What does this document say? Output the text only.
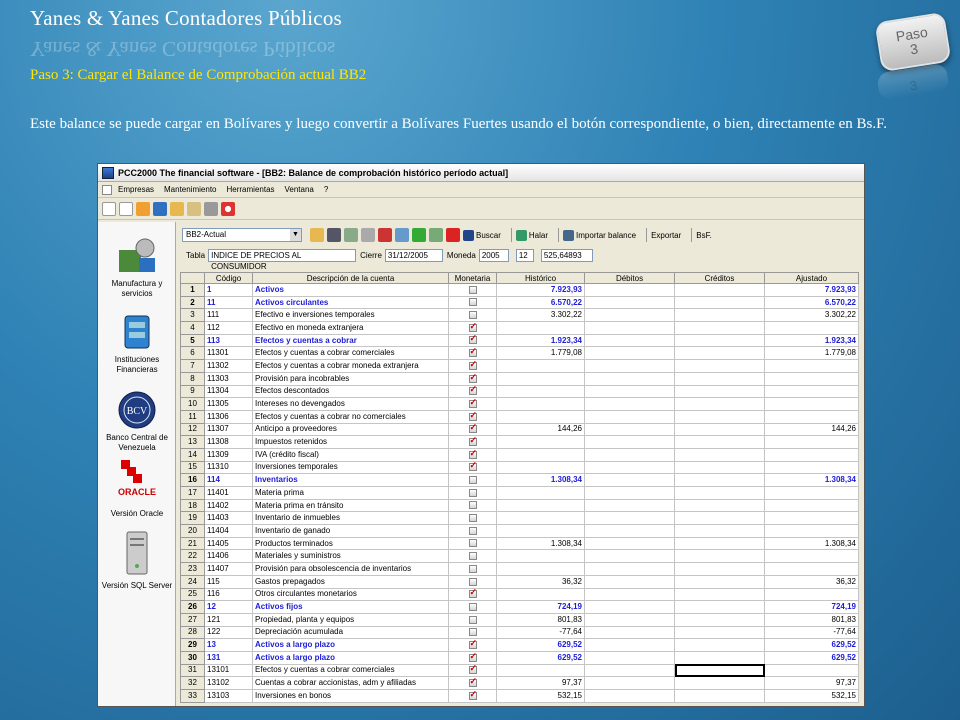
Yanes & Yanes Contadores Públicos
Yanes & Yanes Contadores Públicos
Paso
3
3
Paso 3: Cargar el Balance de Comprobación actual BB2
Este balance se puede cargar en Bolívares y luego convertir a Bolívares Fuertes usando el botón correspondiente, o bien, directamente en Bs.F.
PCC2000 The financial software - [BB2: Balance de comprobación histórico período actual]
Empresas Mantenimiento Herramientas Ventana ?
Manufactura y servicios
Instituciones Financieras
BCV
Banco Central de Venezuela
ORACLE
Versión Oracle
Versión SQL Server
BB2-Actual	▼	Buscar	Halar	Importar balance Exportar BsF.
Tabla INDICE DE PRECIOS AL CONSUMIDOR
Cierre 31/12/2005	Moneda 2005	12	525,64893
	Código	Descripción de la cuenta	Monetaria	Histórico	Débitos	Créditos	Ajustado
1	1	Activos		7.923,93			7.923,93
2	11	Activos circulantes		6.570,22			6.570,22
3	111	Efectivo e inversiones temporales		3.302,22			3.302,22
4	112	Efectivo en moneda extranjera	✓				
5	113	Efectos y cuentas a cobrar	✓	1.923,34			1.923,34
6	11301	Efectos y cuentas a cobrar comerciales	✓	1.779,08			1.779,08
7	11302	Efectos y cuentas a cobrar moneda extranjera	✓				
8	11303	Provisión para incobrables	✓				
9	11304	Efectos descontados	✓				
10	11305	Intereses no devengados	✓				
11	11306	Efectos y cuentas a cobrar no comerciales	✓				
12	11307	Anticipo a proveedores	✓	144,26			144,26
13	11308	Impuestos retenidos	✓				
14	11309	IVA (crédito fiscal)	✓				
15	11310	Inversiones temporales	✓				
16	114	Inventarios		1.308,34			1.308,34
17	11401	Materia prima					
18	11402	Materia prima en tránsito					
19	11403	Inventario de inmuebles					
20	11404	Inventario de ganado					
21	11405	Productos terminados		1.308,34			1.308,34
22	11406	Materiales y suministros					
23	11407	Provisión para obsolescencia de inventarios					
24	115	Gastos prepagados		36,32			36,32
25	116	Otros circulantes monetarios	✓				
26	12	Activos fijos		724,19			724,19
27	121	Propiedad, planta y equipos		801,83			801,83
28	122	Depreciación acumulada		-77,64			-77,64
29	13	Activos a largo plazo	✓	629,52			629,52
30	131	Activos a largo plazo	✓	629,52			629,52
31	13101	Efectos y cuentas a cobrar comerciales	✓				
32	13102	Cuentas a cobrar accionistas, adm y afiliadas	✓	97,37			97,37
33	13103	Inversiones en bonos	✓	532,15			532,15
